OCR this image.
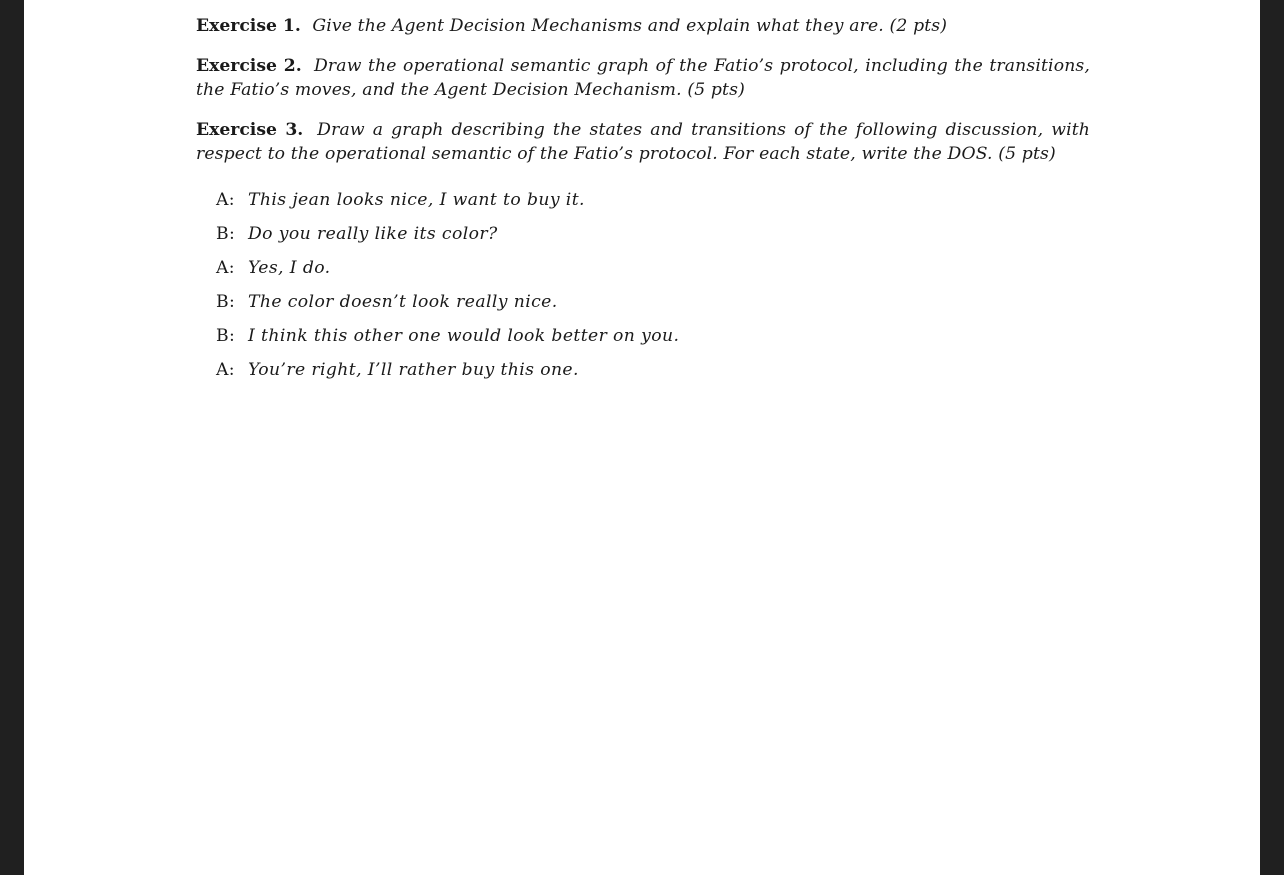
Exercise 1. Give the Agent Decision Mechanisms and explain what they are. (2 pts)

Exercise 2. Draw the operational semantic graph of the Fatio’s protocol, including the transitions, the Fatio’s moves, and the Agent Decision Mechanism. (5 pts)

Exercise 3. Draw a graph describing the states and transitions of the following discussion, with respect to the operational semantic of the Fatio’s protocol. For each state, write the DOS. (5 pts)

A: This jean looks nice, I want to buy it.
B: Do you really like its color?
A: Yes, I do.
B: The color doesn’t look really nice.
B: I think this other one would look better on you.
A: You’re right, I’ll rather buy this one.
